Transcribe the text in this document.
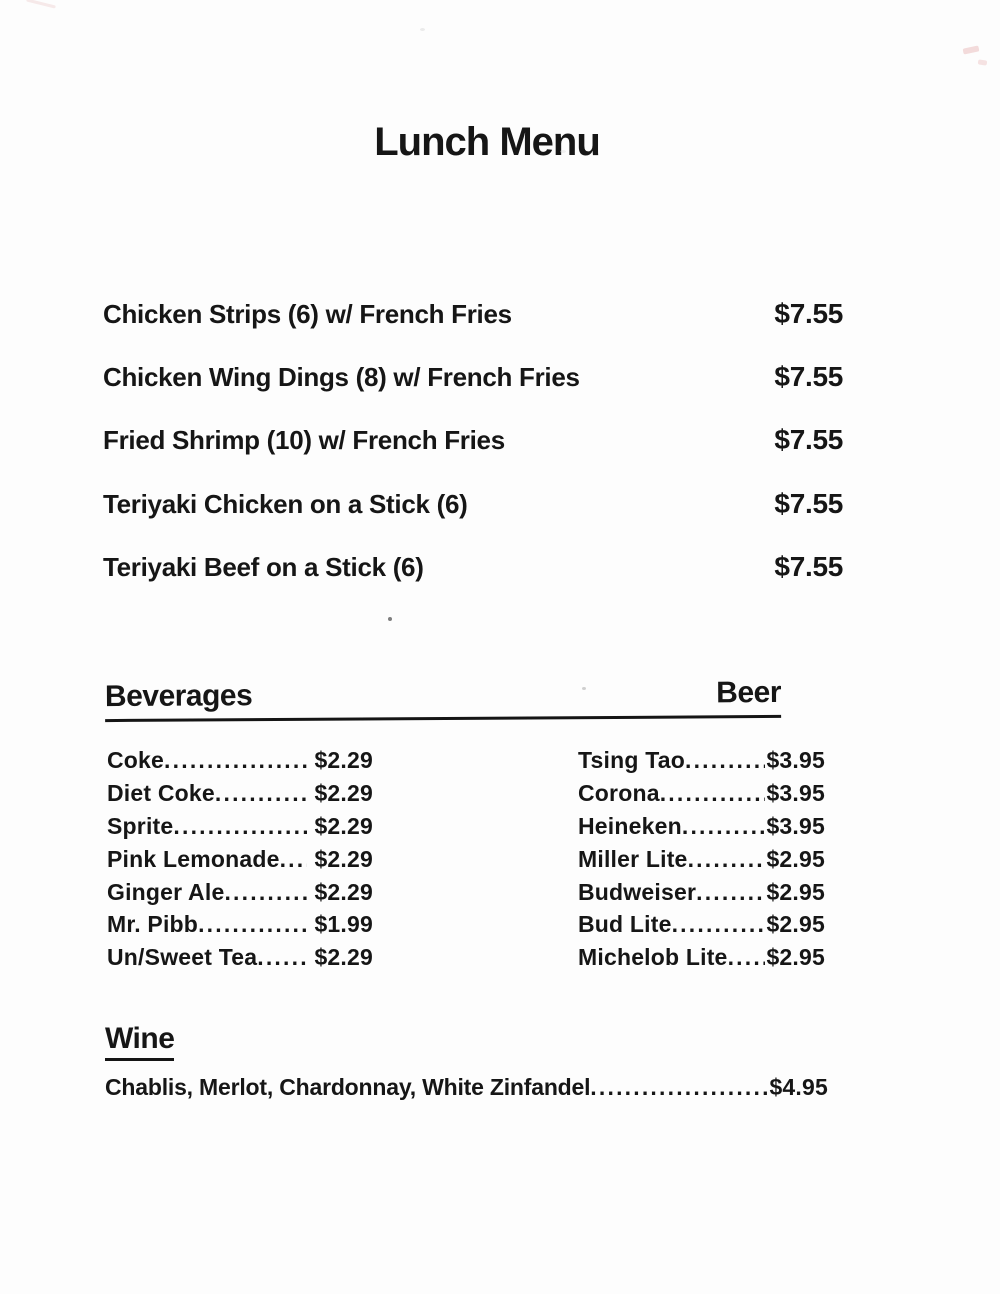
Lunch Menu
Chicken Strips (6) w/ French Fries	$7.55
Chicken Wing Dings (8) w/ French Fries	$7.55
Fried Shrimp (10) w/ French Fries	$7.55
Teriyaki Chicken on a Stick (6)	$7.55
Teriyaki Beef on a Stick (6)	$7.55
Beverages	Beer
Coke .....	$2.29
Diet Coke .....	$2.29
Sprite .....	$2.29
Pink Lemonade .....	$2.29
Ginger Ale .....	$2.29
Mr. Pibb .....	$1.99
Un/Sweet Tea .....	$2.29
Tsing Tao .....	$3.95
Corona .....	$3.95
Heineken .....	$3.95
Miller Lite .....	$2.95
Budweiser .....	$2.95
Bud Lite .....	$2.95
Michelob Lite ..... $2.95
Wine
Chablis, Merlot, Chardonnay, White Zinfandel .....	$4.95
